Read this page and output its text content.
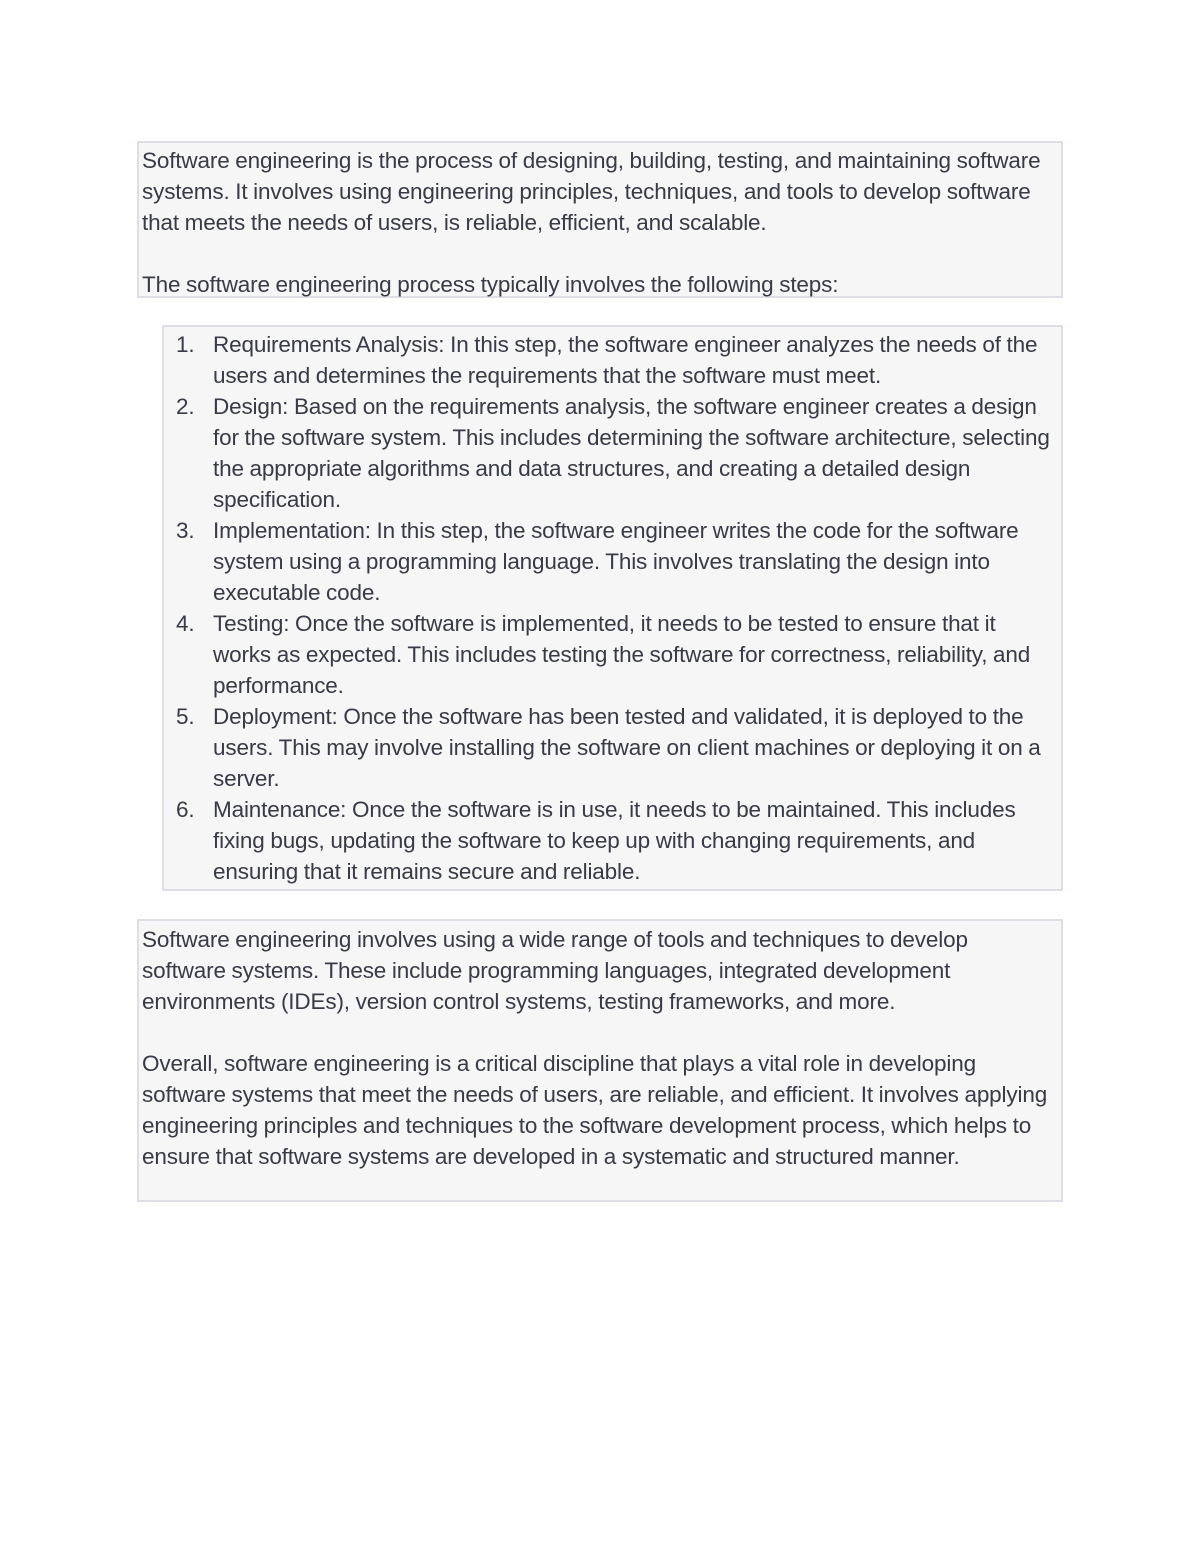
Software engineering is the process of designing, building, testing, and maintaining software systems. It involves using engineering principles, techniques, and tools to develop software that meets the needs of users, is reliable, efficient, and scalable.

The software engineering process typically involves the following steps:

1. Requirements Analysis: In this step, the software engineer analyzes the needs of the users and determines the requirements that the software must meet.
2. Design: Based on the requirements analysis, the software engineer creates a design for the software system. This includes determining the software architecture, selecting the appropriate algorithms and data structures, and creating a detailed design specification.
3. Implementation: In this step, the software engineer writes the code for the software system using a programming language. This involves translating the design into executable code.
4. Testing: Once the software is implemented, it needs to be tested to ensure that it works as expected. This includes testing the software for correctness, reliability, and performance.
5. Deployment: Once the software has been tested and validated, it is deployed to the users. This may involve installing the software on client machines or deploying it on a server.
6. Maintenance: Once the software is in use, it needs to be maintained. This includes fixing bugs, updating the software to keep up with changing requirements, and ensuring that it remains secure and reliable.

Software engineering involves using a wide range of tools and techniques to develop software systems. These include programming languages, integrated development environments (IDEs), version control systems, testing frameworks, and more.

Overall, software engineering is a critical discipline that plays a vital role in developing software systems that meet the needs of users, are reliable, and efficient. It involves applying engineering principles and techniques to the software development process, which helps to ensure that software systems are developed in a systematic and structured manner.
